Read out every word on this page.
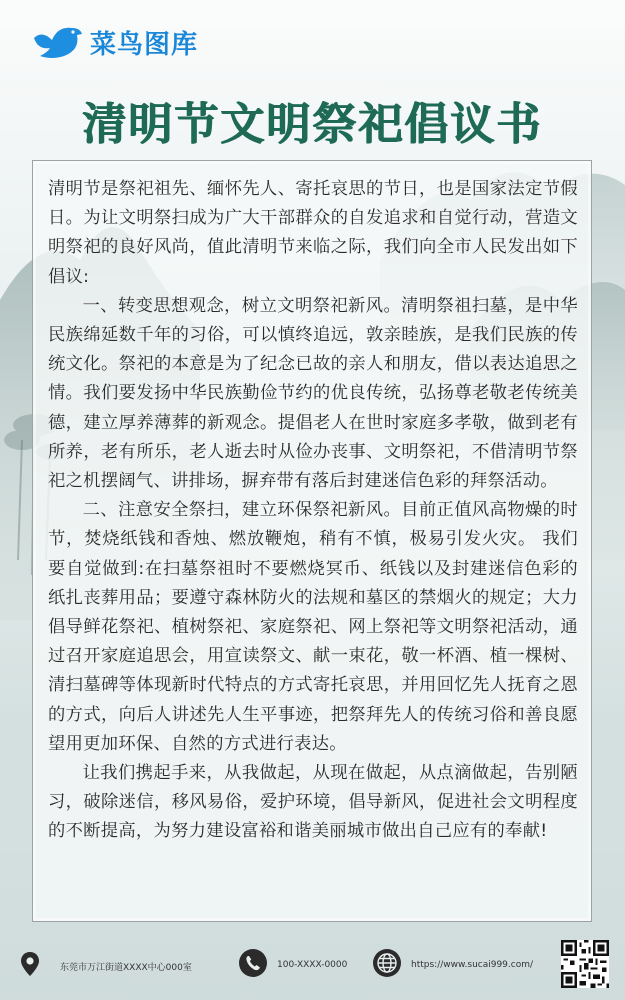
菜鸟图库
清明节文明祭祀倡议书

清明节是祭祀祖先、缅怀先人、寄托哀思的节日，也是国家法定节假日。为让文明祭扫成为广大干部群众的自发追求和自觉行动，营造文明祭祀的良好风尚，值此清明节来临之际，我们向全市人民发出如下倡议:

一、转变思想观念，树立文明祭祀新风。清明祭祖扫墓，是中华民族绵延数千年的习俗，可以慎终追远，敦亲睦族，是我们民族的传统文化。祭祀的本意是为了纪念已故的亲人和朋友，借以表达追思之情。我们要发扬中华民族勤俭节约的优良传统，弘扬尊老敬老传统美德，建立厚养薄葬的新观念。提倡老人在世时家庭多孝敬，做到老有所养，老有所乐，老人逝去时从俭办丧事、文明祭祀，不借清明节祭祀之机摆阔气、讲排场，摒弃带有落后封建迷信色彩的拜祭活动。

二、注意安全祭扫，建立环保祭祀新风。目前正值风高物燥的时节，焚烧纸钱和香烛、燃放鞭炮，稍有不慎，极易引发火灾。 我们要自觉做到:在扫墓祭祖时不要燃烧冥币、纸钱以及封建迷信色彩的纸扎丧葬用品；要遵守森林防火的法规和墓区的禁烟火的规定；大力倡导鲜花祭祀、植树祭祀、家庭祭祀、网上祭祀等文明祭祀活动，通过召开家庭追思会，用宣读祭文、献一束花，敬一杯酒、植一棵树、清扫墓碑等体现新时代特点的方式寄托哀思，并用回忆先人抚育之恩的方式，向后人讲述先人生平事迹，把祭拜先人的传统习俗和善良愿望用更加环保、自然的方式进行表达。

让我们携起手来，从我做起，从现在做起，从点滴做起，告别陋习，破除迷信，移风易俗，爱护环境，倡导新风，促进社会文明程度的不断提高，为努力建设富裕和谐美丽城市做出自己应有的奉献!

东莞市万江街道XXXX中心000室	100-XXXX-0000	https://www.sucai999.com/
